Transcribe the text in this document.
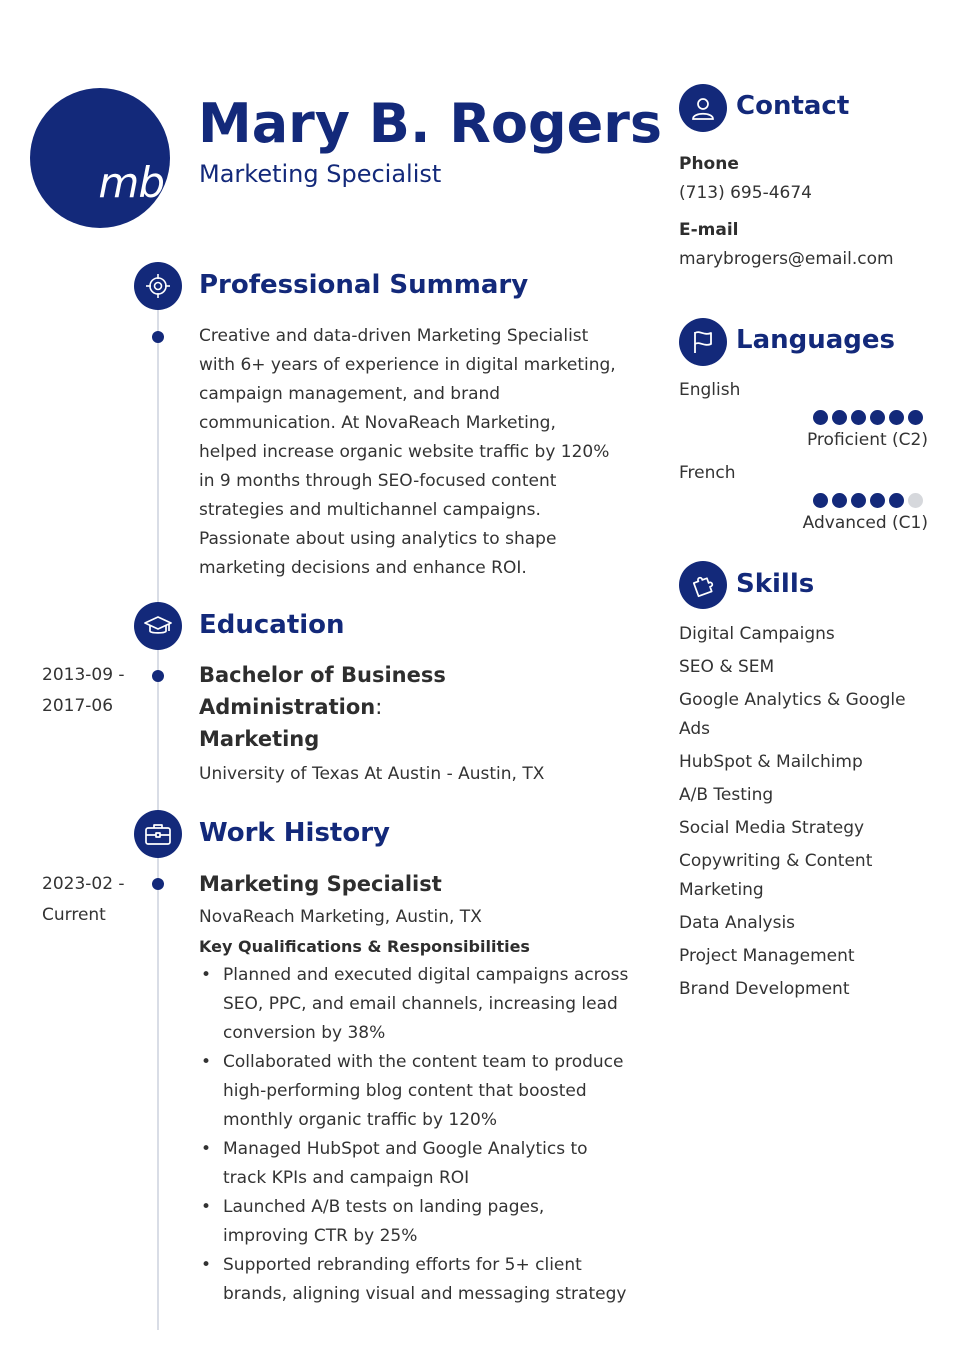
mb
Mary B. Rogers
Marketing Specialist
Professional Summary
Creative and data-driven Marketing Specialist with 6+ years of experience in digital marketing, campaign management, and brand communication. At NovaReach Marketing, helped increase organic website traffic by 120% in 9 months through SEO-focused content strategies and multichannel campaigns. Passionate about using analytics to shape marketing decisions and enhance ROI.
Education
2013-09 -
2017-06
Bachelor of Business Administration:
Marketing
University of Texas At Austin - Austin, TX
Work History
2023-02 -
Current
Marketing Specialist
NovaReach Marketing, Austin, TX
Key Qualifications & Responsibilities
• Planned and executed digital campaigns across SEO, PPC, and email channels, increasing lead conversion by 38%
• Collaborated with the content team to produce high-performing blog content that boosted monthly organic traffic by 120%
• Managed HubSpot and Google Analytics to track KPIs and campaign ROI
• Launched A/B tests on landing pages, improving CTR by 25%
• Supported rebranding efforts for 5+ client brands, aligning visual and messaging strategy
Contact
Phone
(713) 695-4674
E-mail
marybrogers@email.com
Languages
English
Proficient (C2)
French
Advanced (C1)
Skills
Digital Campaigns
SEO & SEM
Google Analytics & Google Ads
HubSpot & Mailchimp
A/B Testing
Social Media Strategy
Copywriting & Content Marketing
Data Analysis
Project Management
Brand Development
